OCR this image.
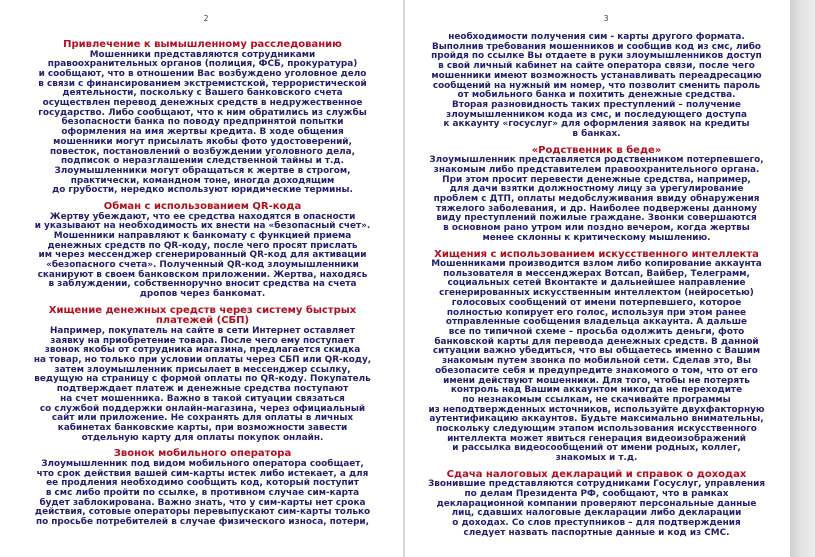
2

Привлечение к вымышленному расследованию

Мошенники представляются сотрудниками
правоохранительных органов (полиция, ФСБ, прокуратура)
и сообщают, что в отношении Вас возбуждено уголовное дело
в связи с финансированием экстремистской, террористической
деятельности, поскольку с Вашего банковского счета
осуществлен перевод денежных средств в недружественное
государство. Либо сообщают, что к ним обратились из службы
безопасности банка по поводу предпринятой попытки
оформления на имя жертвы кредита. В ходе общения
мошенники могут присылать якобы фото удостоверений,
повесток, постановлений о возбуждении уголовного дела,
подписок о неразглашении следственной тайны и т.д.
Злоумышленники могут обращаться к жертве в строгом,
практически, командном тоне, иногда доходящим
до грубости, нередко используют юридические термины.

Обман с использованием QR-кода

Жертву убеждают, что ее средства находятся в опасности
и указывают на необходимость их внести на «безопасный счет».
Мошенники направляют к банкомату с функцией приема
денежных средств по QR-коду, после чего просят прислать
им через мессенджер сгенерированный QR-код для активации
«безопасного счета». Полученный QR-код злоумышленники
сканируют в своем банковском приложении. Жертва, находясь
в заблуждении, собственноручно вносит средства на счета
дропов через банкомат.

Хищение денежных средств через систему быстрых
платежей (СБП)

Например, покупатель на сайте в сети Интернет оставляет
заявку на приобретение товара. После чего ему поступает
звонок якобы от сотрудника магазина, предлагается скидка
на товар, но только при условии оплаты через СБП или QR-коду,
затем злоумышленник присылает в мессенджер ссылку,
ведущую на страницу с формой оплаты по QR-коду. Покупатель
подтверждает платеж и денежные средства поступают
на счет мошенника. Важно в такой ситуации связаться
со службой поддержки онлайн-магазина, через официальный
сайт или приложение. Не сохранять для оплаты в личных
кабинетах банковские карты, при возможности завести
отдельную карту для оплаты покупок онлайн.

Звонок мобильного оператора

Злоумышленник под видом мобильного оператора сообщает,
что срок действия вашей сим-карты истек либо истекает, а для
ее продления необходимо сообщить код, который поступит
в смс либо пройти по ссылке, в противном случае сим-карта
будет заблокирована. Важно знать, что у сим-карты нет срока
действия, сотовые операторы перевыпускают сим-карты только
по просьбе потребителей в случае физического износа, потери,

3

необходимости получения сим - карты другого формата.
Выполнив требования мошенников и сообщив код из смс, либо
пройдя по ссылке Вы отдаете в руки злоумышленников доступ
в свой личный кабинет на сайте оператора связи, после чего
мошенники имеют возможность устанавливать переадресацию
сообщений на нужный им номер, что позволит сменить пароль
от мобильного банка и похитить денежные средства.
Вторая разновидность таких преступлений – получение
злоумышленником кода из смс, и последующего доступа
к аккаунту «госуслуг» для оформления заявок на кредиты
в банках.

«Родственник в беде»

Злоумышленник представляется родственником потерпевшего,
знакомым либо представителем правоохранительного органа.
При этом просит перевести денежные средства, например,
для дачи взятки должностному лицу за урегулирование
проблем с ДТП, оплаты медобслуживания ввиду обнаружения
тяжелого заболевания, и др. Наиболее подвержены данному
виду преступлений пожилые граждане. Звонки совершаются
в основном рано утром или поздно вечером, когда жертвы
менее склонны к критическому мышлению.

Хищения с использованием искусственного интеллекта

Мошенниками производится взлом либо копирование аккаунта
пользователя в мессенджерах Вотсап, Вайбер, Телеграмм,
социальных сетей Вконтакте и дальнейшее направление
сгенерированных искусственным интеллектом (нейросетью)
голосовых сообщений от имени потерпевшего, которое
полностью копирует его голос, используя при этом ранее
отправленные сообщения владельца аккаунта. А дальше
все по типичной схеме – просьба одолжить деньги, фото
банковской карты для перевода денежных средств. В данной
ситуации важно убедиться, что вы общаетесь именно с Вашим
знакомым путем звонка по мобильной сети. Сделав это, Вы
обезопасите себя и предупредите знакомого о том, что от его
имени действуют мошенники. Для того, чтобы не потерять
контроль над Вашим аккаунтом никогда не переходите
по незнакомым ссылкам, не скачивайте программы
из неподтвержденных источников, используйте двухфакторную
аутентификацию аккаунтов. Будьте максимально внимательны,
поскольку следующим этапом использования искусственного
интеллекта может явиться генерация видеоизображений
и рассылка видеосообщений от имени родных, коллег,
знакомых и т.д.

Сдача налоговых деклараций и справок о доходах

Звонившие представляются сотрудниками Госуслуг, управления
по делам Президента РФ, сообщают, что в рамках
декларационной компании проверяют персональные данные
лиц, сдавших налоговые декларации либо декларации
о доходах. Со слов преступников – для подтверждения
следует назвать паспортные данные и код из СМС.
